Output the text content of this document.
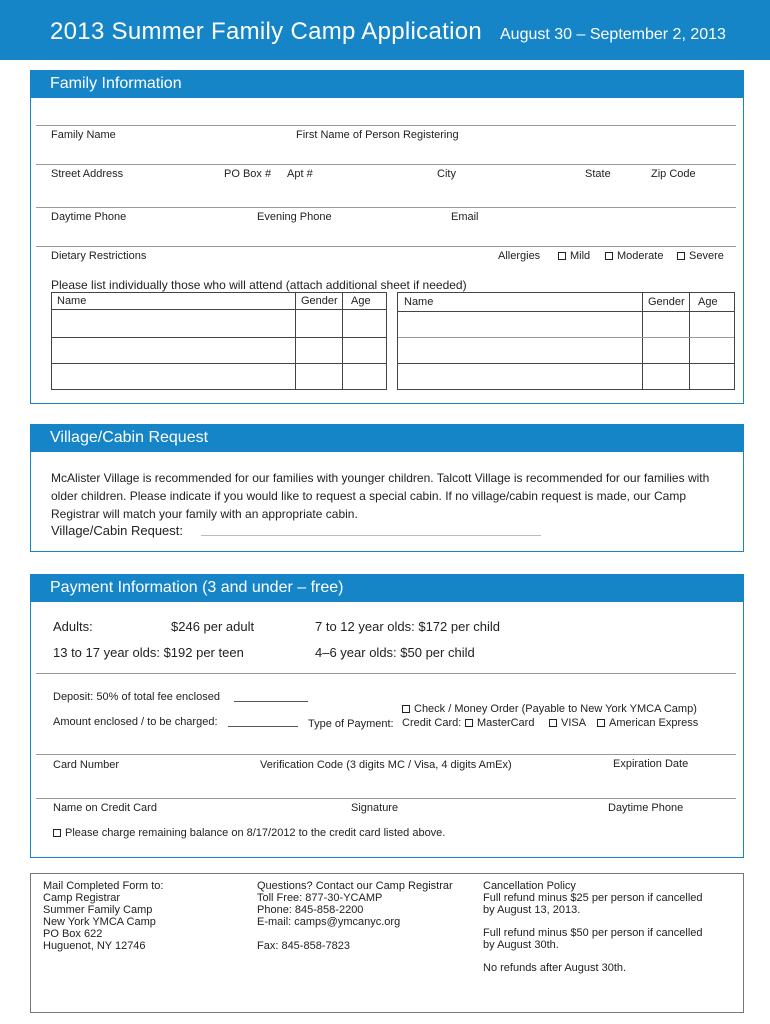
2013 Summer Family Camp Application August 30 – September 2, 2013
Family Information
Family Name	First Name of Person Registering
Street Address	PO Box # Apt #	City	State	Zip Code
Daytime Phone	Evening Phone	Email
Dietary Restrictions	Allergies	Mild	Moderate	Severe
Please list individually those who will attend (attach additional sheet if needed)
Name	Gender Age	Name	Gender Age
Village/Cabin Request
McAlister Village is recommended for our families with younger children. Talcott Village is recommended for our families with older children. Please indicate if you would like to request a special cabin. If no village/cabin request is made, our Camp Registrar will match your family with an appropriate cabin.
Village/Cabin Request:
Payment Information (3 and under – free)
Adults:	$246 per adult	7 to 12 year olds: $172 per child
13 to 17 year olds: $192 per teen	4–6 year olds: $50 per child
Deposit: 50% of total fee enclosed
Amount enclosed / to be charged:
Check / Money Order (Payable to New York YMCA Camp)
Type of Payment: Credit Card:	MasterCard	VISA	American Express
Card Number	Verification Code (3 digits MC / Visa, 4 digits AmEx)	Expiration Date
Name on Credit Card	Signature	Daytime Phone
Please charge remaining balance on 8/17/2012 to the credit card listed above.
Mail Completed Form to:
Camp Registrar
Summer Family Camp
New York YMCA Camp
PO Box 622
Huguenot, NY 12746
Questions? Contact our Camp Registrar
Toll Free: 877-30-YCAMP
Phone: 845-858-2200
E-mail: camps@ymcanyc.org
Fax: 845-858-7823
Cancellation Policy
Full refund minus $25 per person if cancelled
by August 13, 2013.
Full refund minus $50 per person if cancelled
by August 30th.
No refunds after August 30th.
